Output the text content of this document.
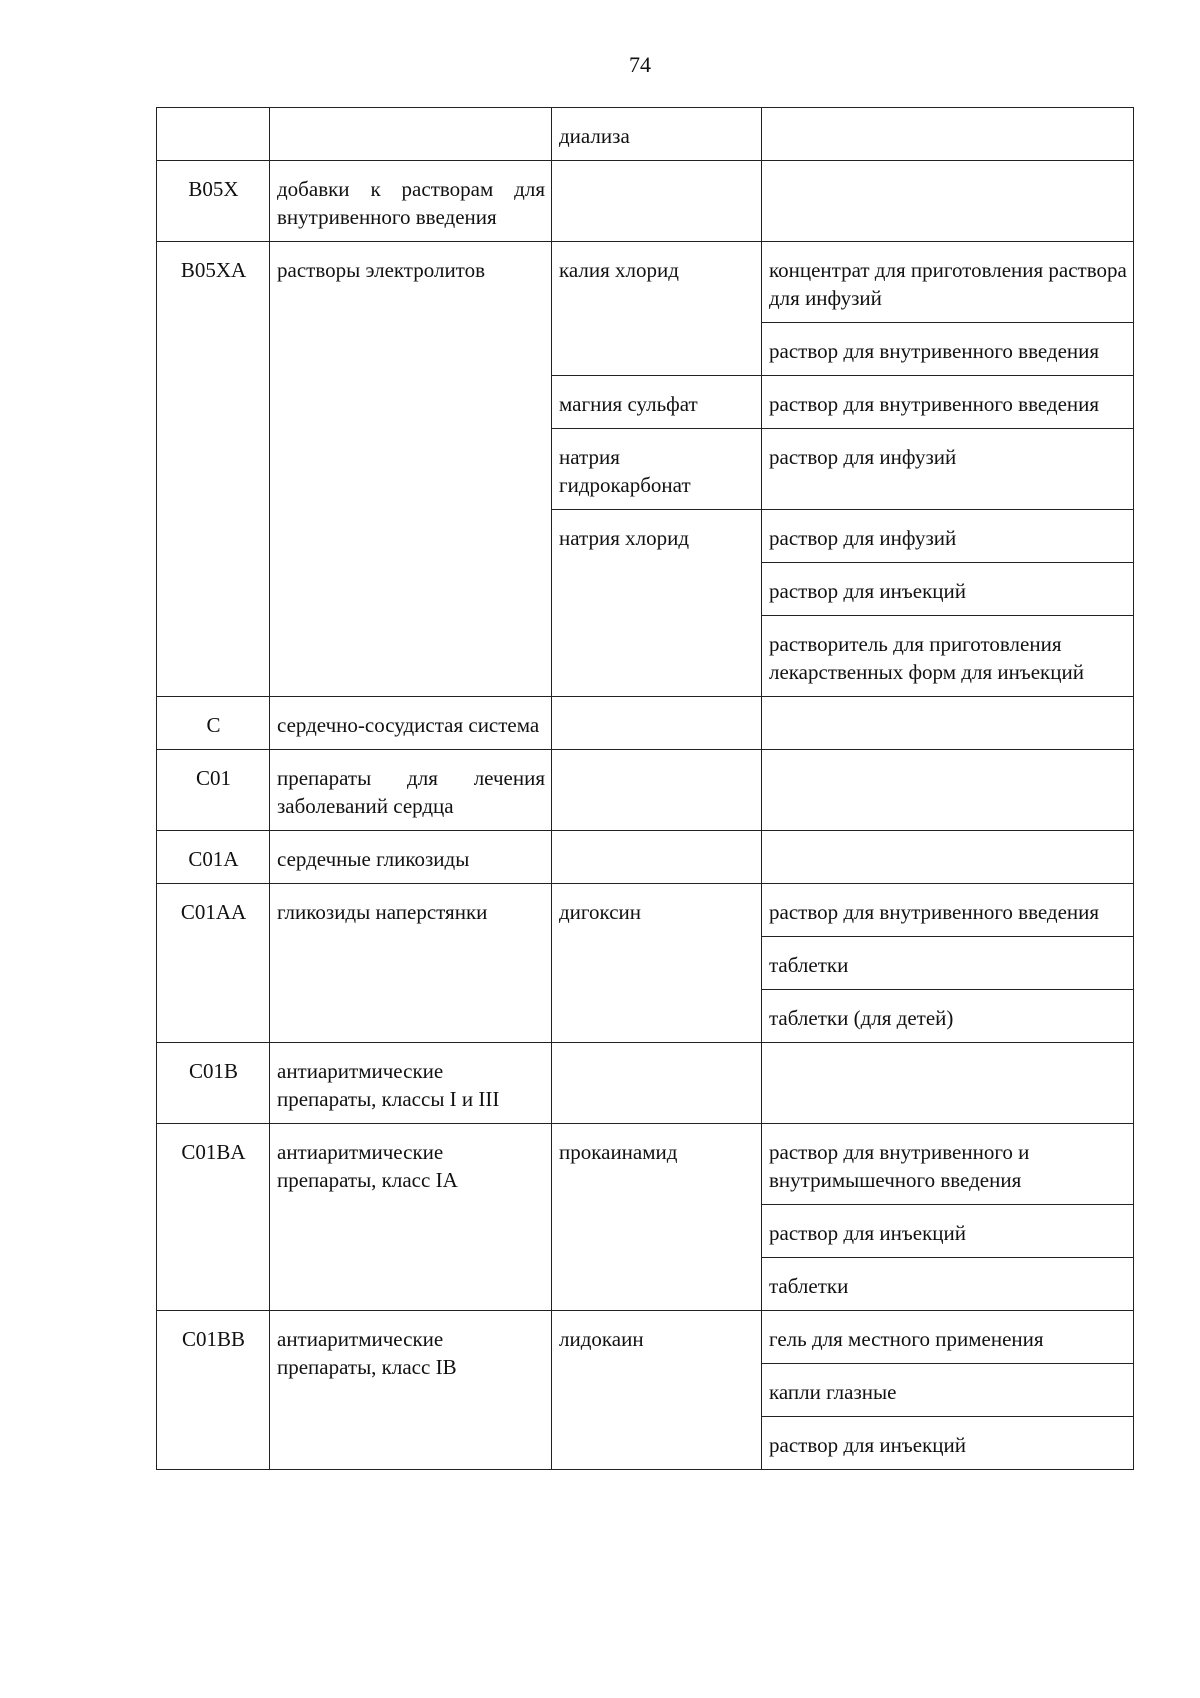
74
		диализа	
B05X	добавки к растворам для внутривенного введения		
B05XA	растворы электролитов	калия хлорид	концентрат для приготовления раствора для инфузий
			раствор для внутривенного введения
		магния сульфат	раствор для внутривенного введения
		натрия гидрокарбонат	раствор для инфузий
		натрия хлорид	раствор для инфузий
			раствор для инъекций
			растворитель для приготовления лекарственных форм для инъекций
C	сердечно-сосудистая система		
C01	препараты для лечения заболеваний сердца		
C01A	сердечные гликозиды		
C01AA	гликозиды наперстянки	дигоксин	раствор для внутривенного введения
			таблетки
			таблетки (для детей)
C01B	антиаритмические препараты, классы I и III		
C01BA	антиаритмические препараты, класс IA	прокаинамид	раствор для внутривенного и внутримышечного введения
			раствор для инъекций
			таблетки
C01BB	антиаритмические препараты, класс IB	лидокаин	гель для местного применения
			капли глазные
			раствор для инъекций
